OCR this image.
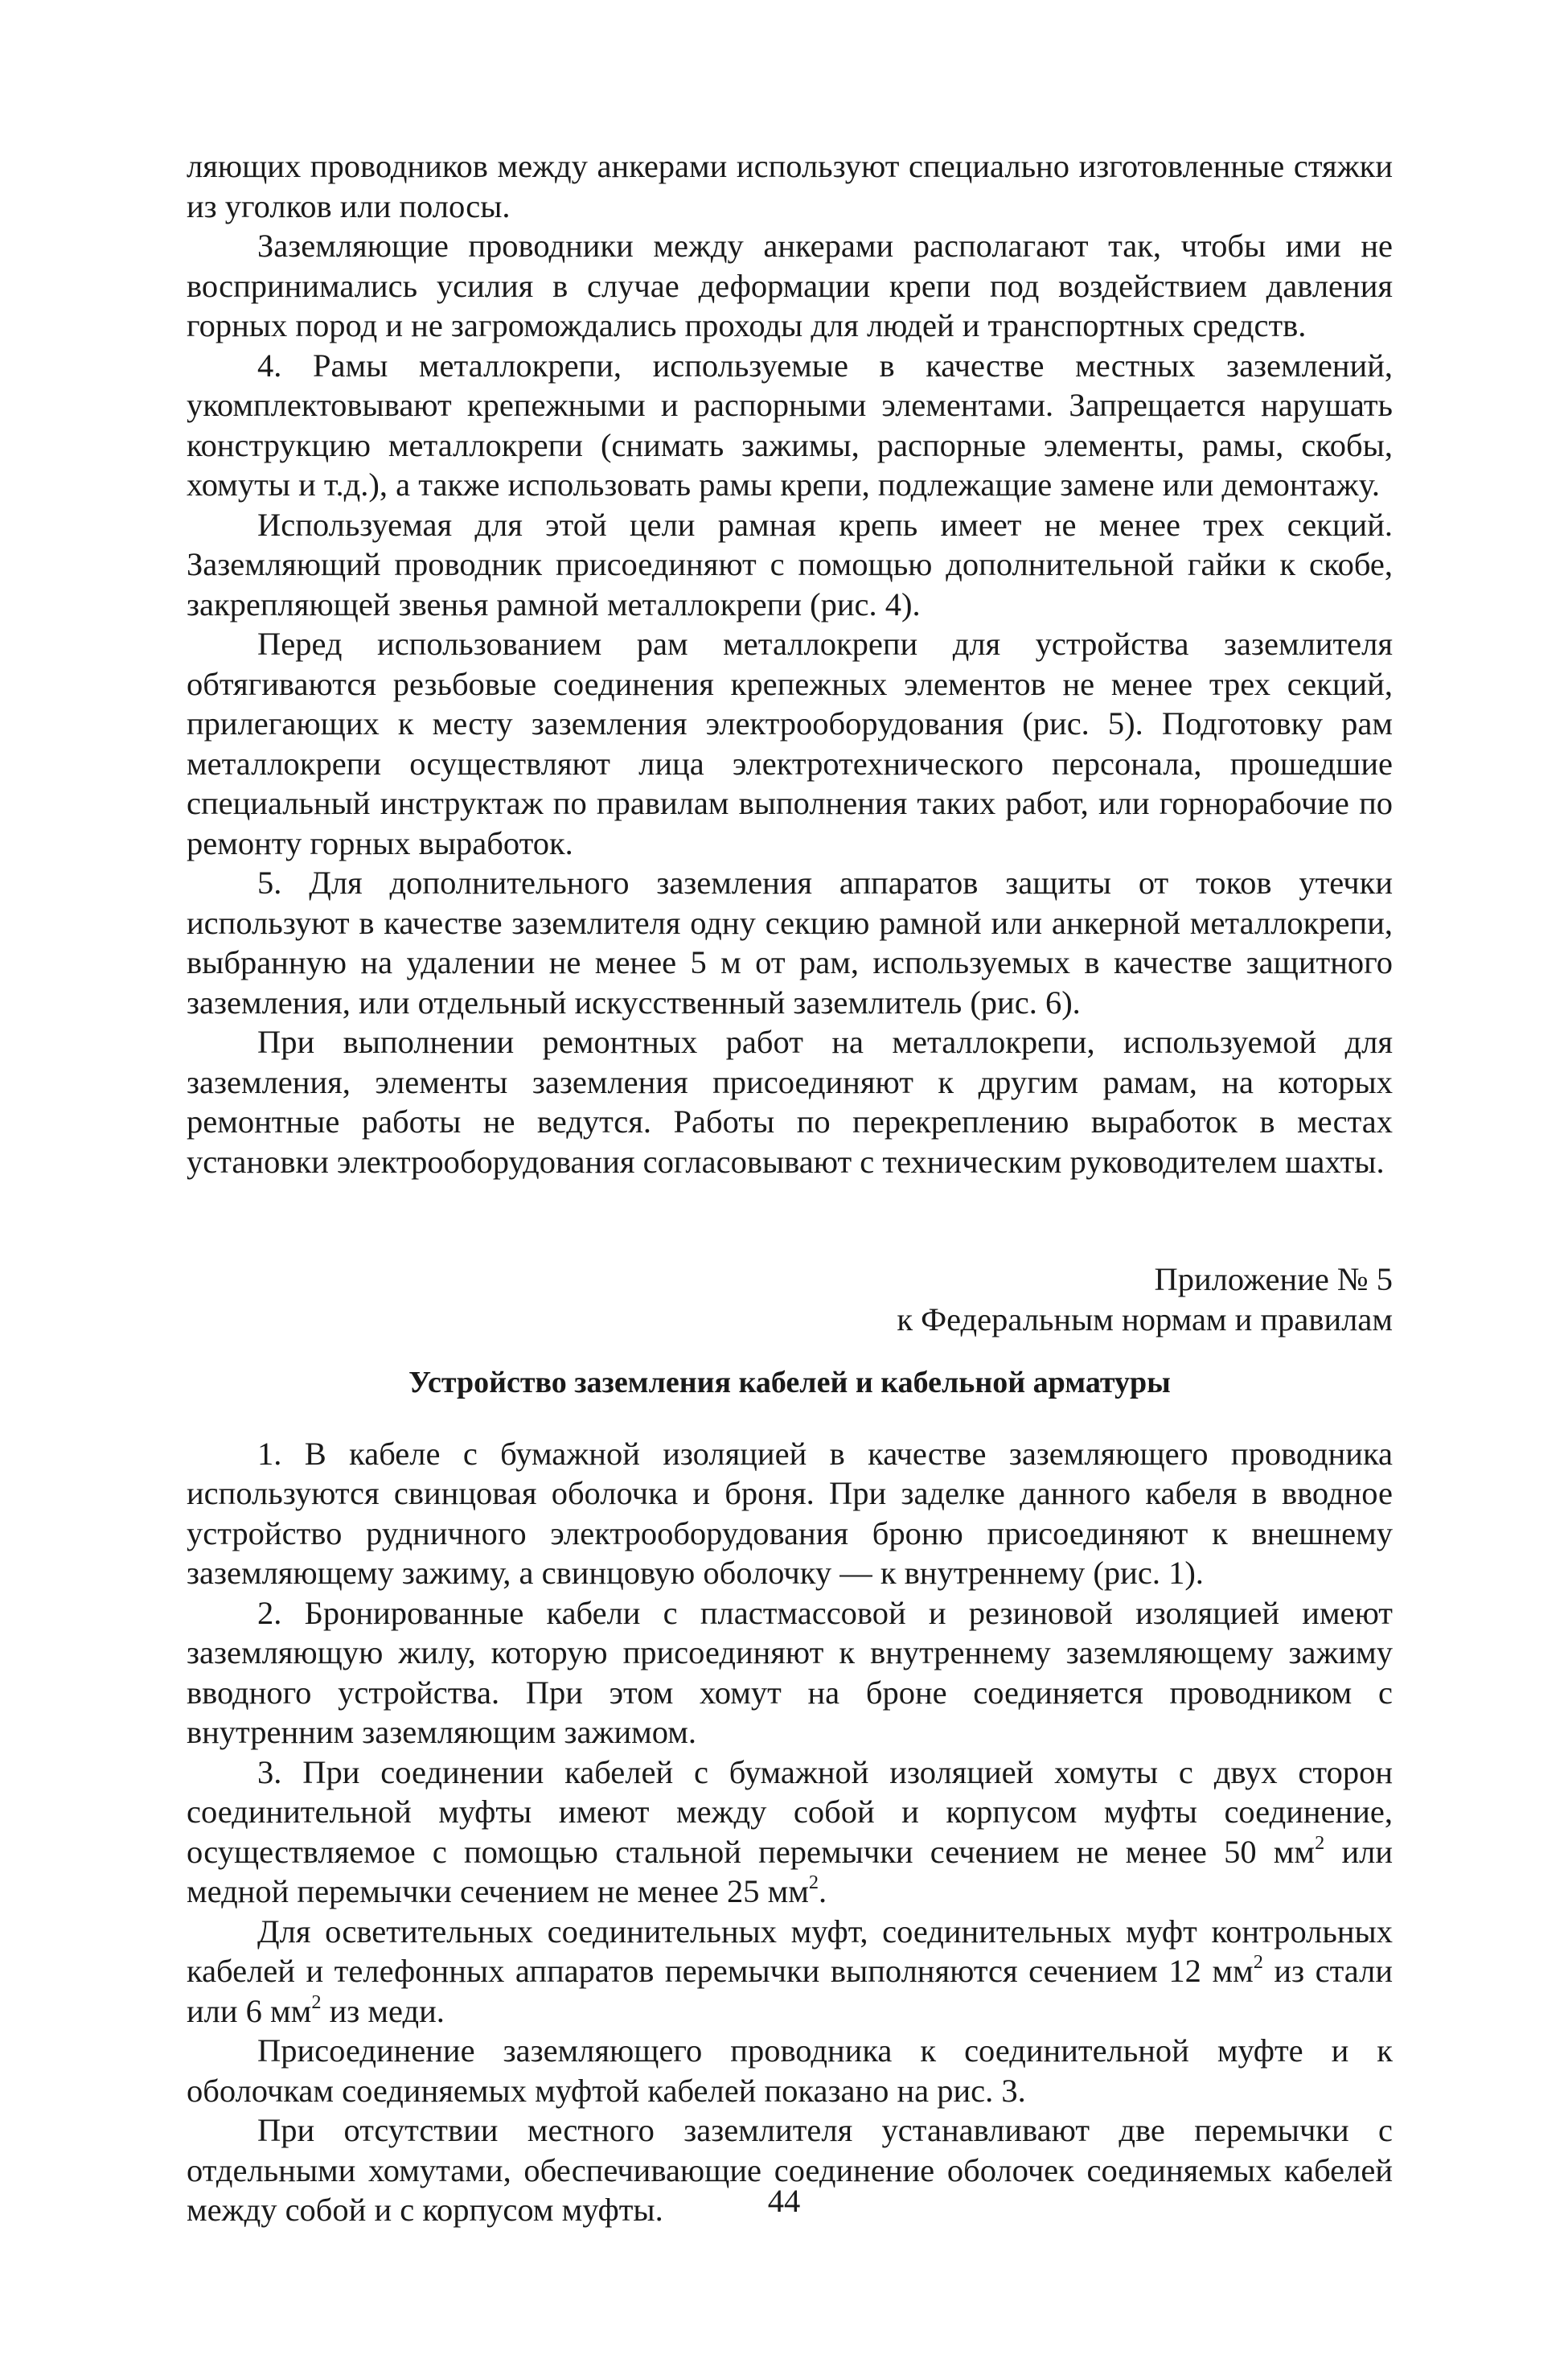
ляющих проводников между анкерами используют специально изготовленные стяжки из уголков или полосы.

Заземляющие проводники между анкерами располагают так, чтобы ими не воспринимались усилия в случае деформации крепи под воздействием давления горных пород и не загромождались проходы для людей и транспортных средств.

4. Рамы металлокрепи, используемые в качестве местных заземлений, укомплектовывают крепежными и распорными элементами. Запрещается нарушать конструкцию металлокрепи (снимать зажимы, распорные элементы, рамы, скобы, хомуты и т.д.), а также использовать рамы крепи, подлежащие замене или демонтажу.

Используемая для этой цели рамная крепь имеет не менее трех секций. Заземляющий проводник присоединяют с помощью дополнительной гайки к скобе, закрепляющей звенья рамной металлокрепи (рис. 4).

Перед использованием рам металлокрепи для устройства заземлителя обтягиваются резьбовые соединения крепежных элементов не менее трех секций, прилегающих к месту заземления электрооборудования (рис. 5). Подготовку рам металлокрепи осуществляют лица электротехнического персонала, прошедшие специальный инструктаж по правилам выполнения таких работ, или горнорабочие по ремонту горных выработок.

5. Для дополнительного заземления аппаратов защиты от токов утечки используют в качестве заземлителя одну секцию рамной или анкерной металлокрепи, выбранную на удалении не менее 5 м от рам, используемых в качестве защитного заземления, или отдельный искусственный заземлитель (рис. 6).

При выполнении ремонтных работ на металлокрепи, используемой для заземления, элементы заземления присоединяют к другим рамам, на которых ремонтные работы не ведутся. Работы по перекреплению выработок в местах установки электрооборудования согласовывают с техническим руководителем шахты.

Приложение № 5
к Федеральным нормам и правилам
Устройство заземления кабелей и кабельной арматуры

1. В кабеле с бумажной изоляцией в качестве заземляющего проводника используются свинцовая оболочка и броня. При заделке данного кабеля в вводное устройство рудничного электрооборудования броню присоединяют к внешнему заземляющему зажиму, а свинцовую оболочку — к внутреннему (рис. 1).

2. Бронированные кабели с пластмассовой и резиновой изоляцией имеют заземляющую жилу, которую присоединяют к внутреннему заземляющему зажиму вводного устройства. При этом хомут на броне соединяется проводником с внутренним заземляющим зажимом.

3. При соединении кабелей с бумажной изоляцией хомуты с двух сторон соединительной муфты имеют между собой и корпусом муфты соединение, осуществляемое с помощью стальной перемычки сечением не менее 50 $мм^2$ или медной перемычки сечением не менее 25 $мм^2$.

Для осветительных соединительных муфт, соединительных муфт контрольных кабелей и телефонных аппаратов перемычки выполняются сечением 12 $мм^2$ из стали или 6 $мм^2$ из меди.

Присоединение заземляющего проводника к соединительной муфте и к оболочкам соединяемых муфтой кабелей показано на рис. 3.

При отсутствии местного заземлителя устанавливают две перемычки с отдельными хомутами, обеспечивающие соединение оболочек соединяемых кабелей между собой и с корпусом муфты.	44
